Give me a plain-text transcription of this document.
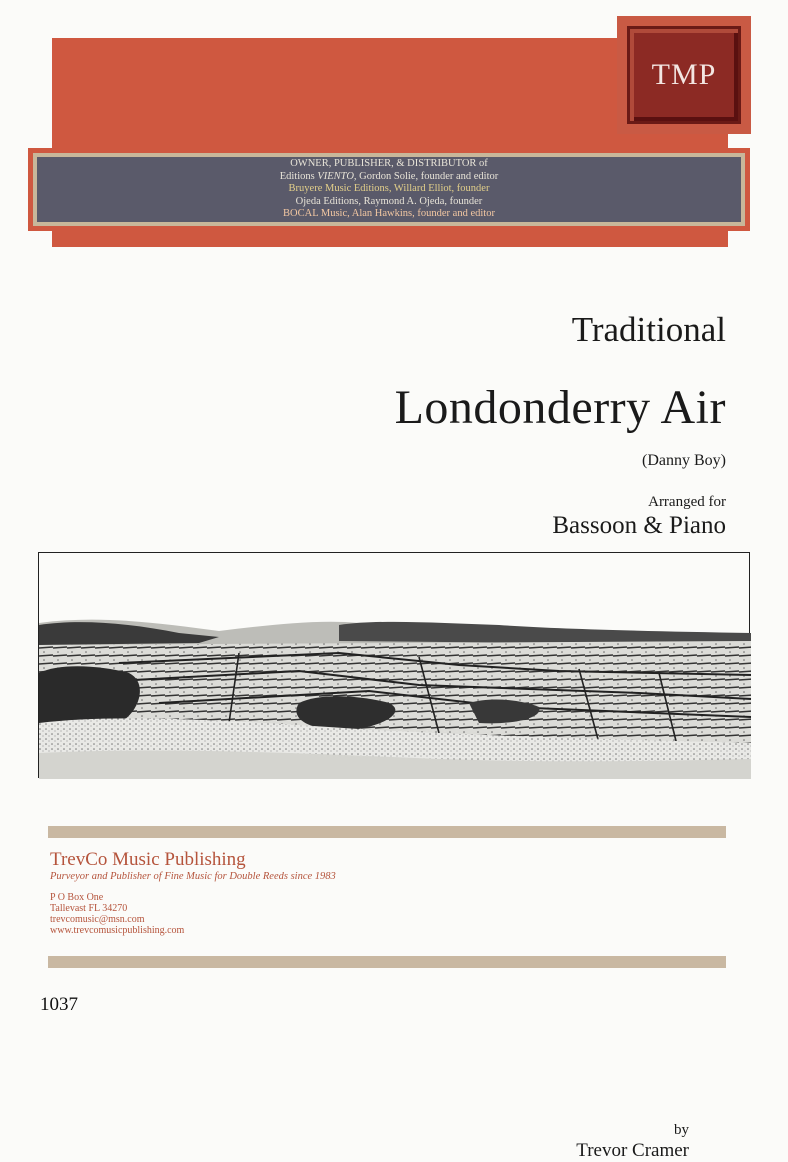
TMP
OWNER, PUBLISHER, & DISTRIBUTOR of
Editions VIENTO, Gordon Solie, founder and editor
Bruyere Music Editions, Willard Elliot, founder
Ojeda Editions, Raymond A. Ojeda, founder
BOCAL Music, Alan Hawkins, founder and editor
Traditional
Londonderry Air
(Danny Boy)
Arranged for
Bassoon & Piano
by
Trevor Cramer
TrevCo Music Publishing
Purveyor and Publisher of Fine Music for Double Reeds since 1983
P O Box One
Tallevast FL 34270
trevcomusic@msn.com
www.trevcomusicpublishing.com
1037
